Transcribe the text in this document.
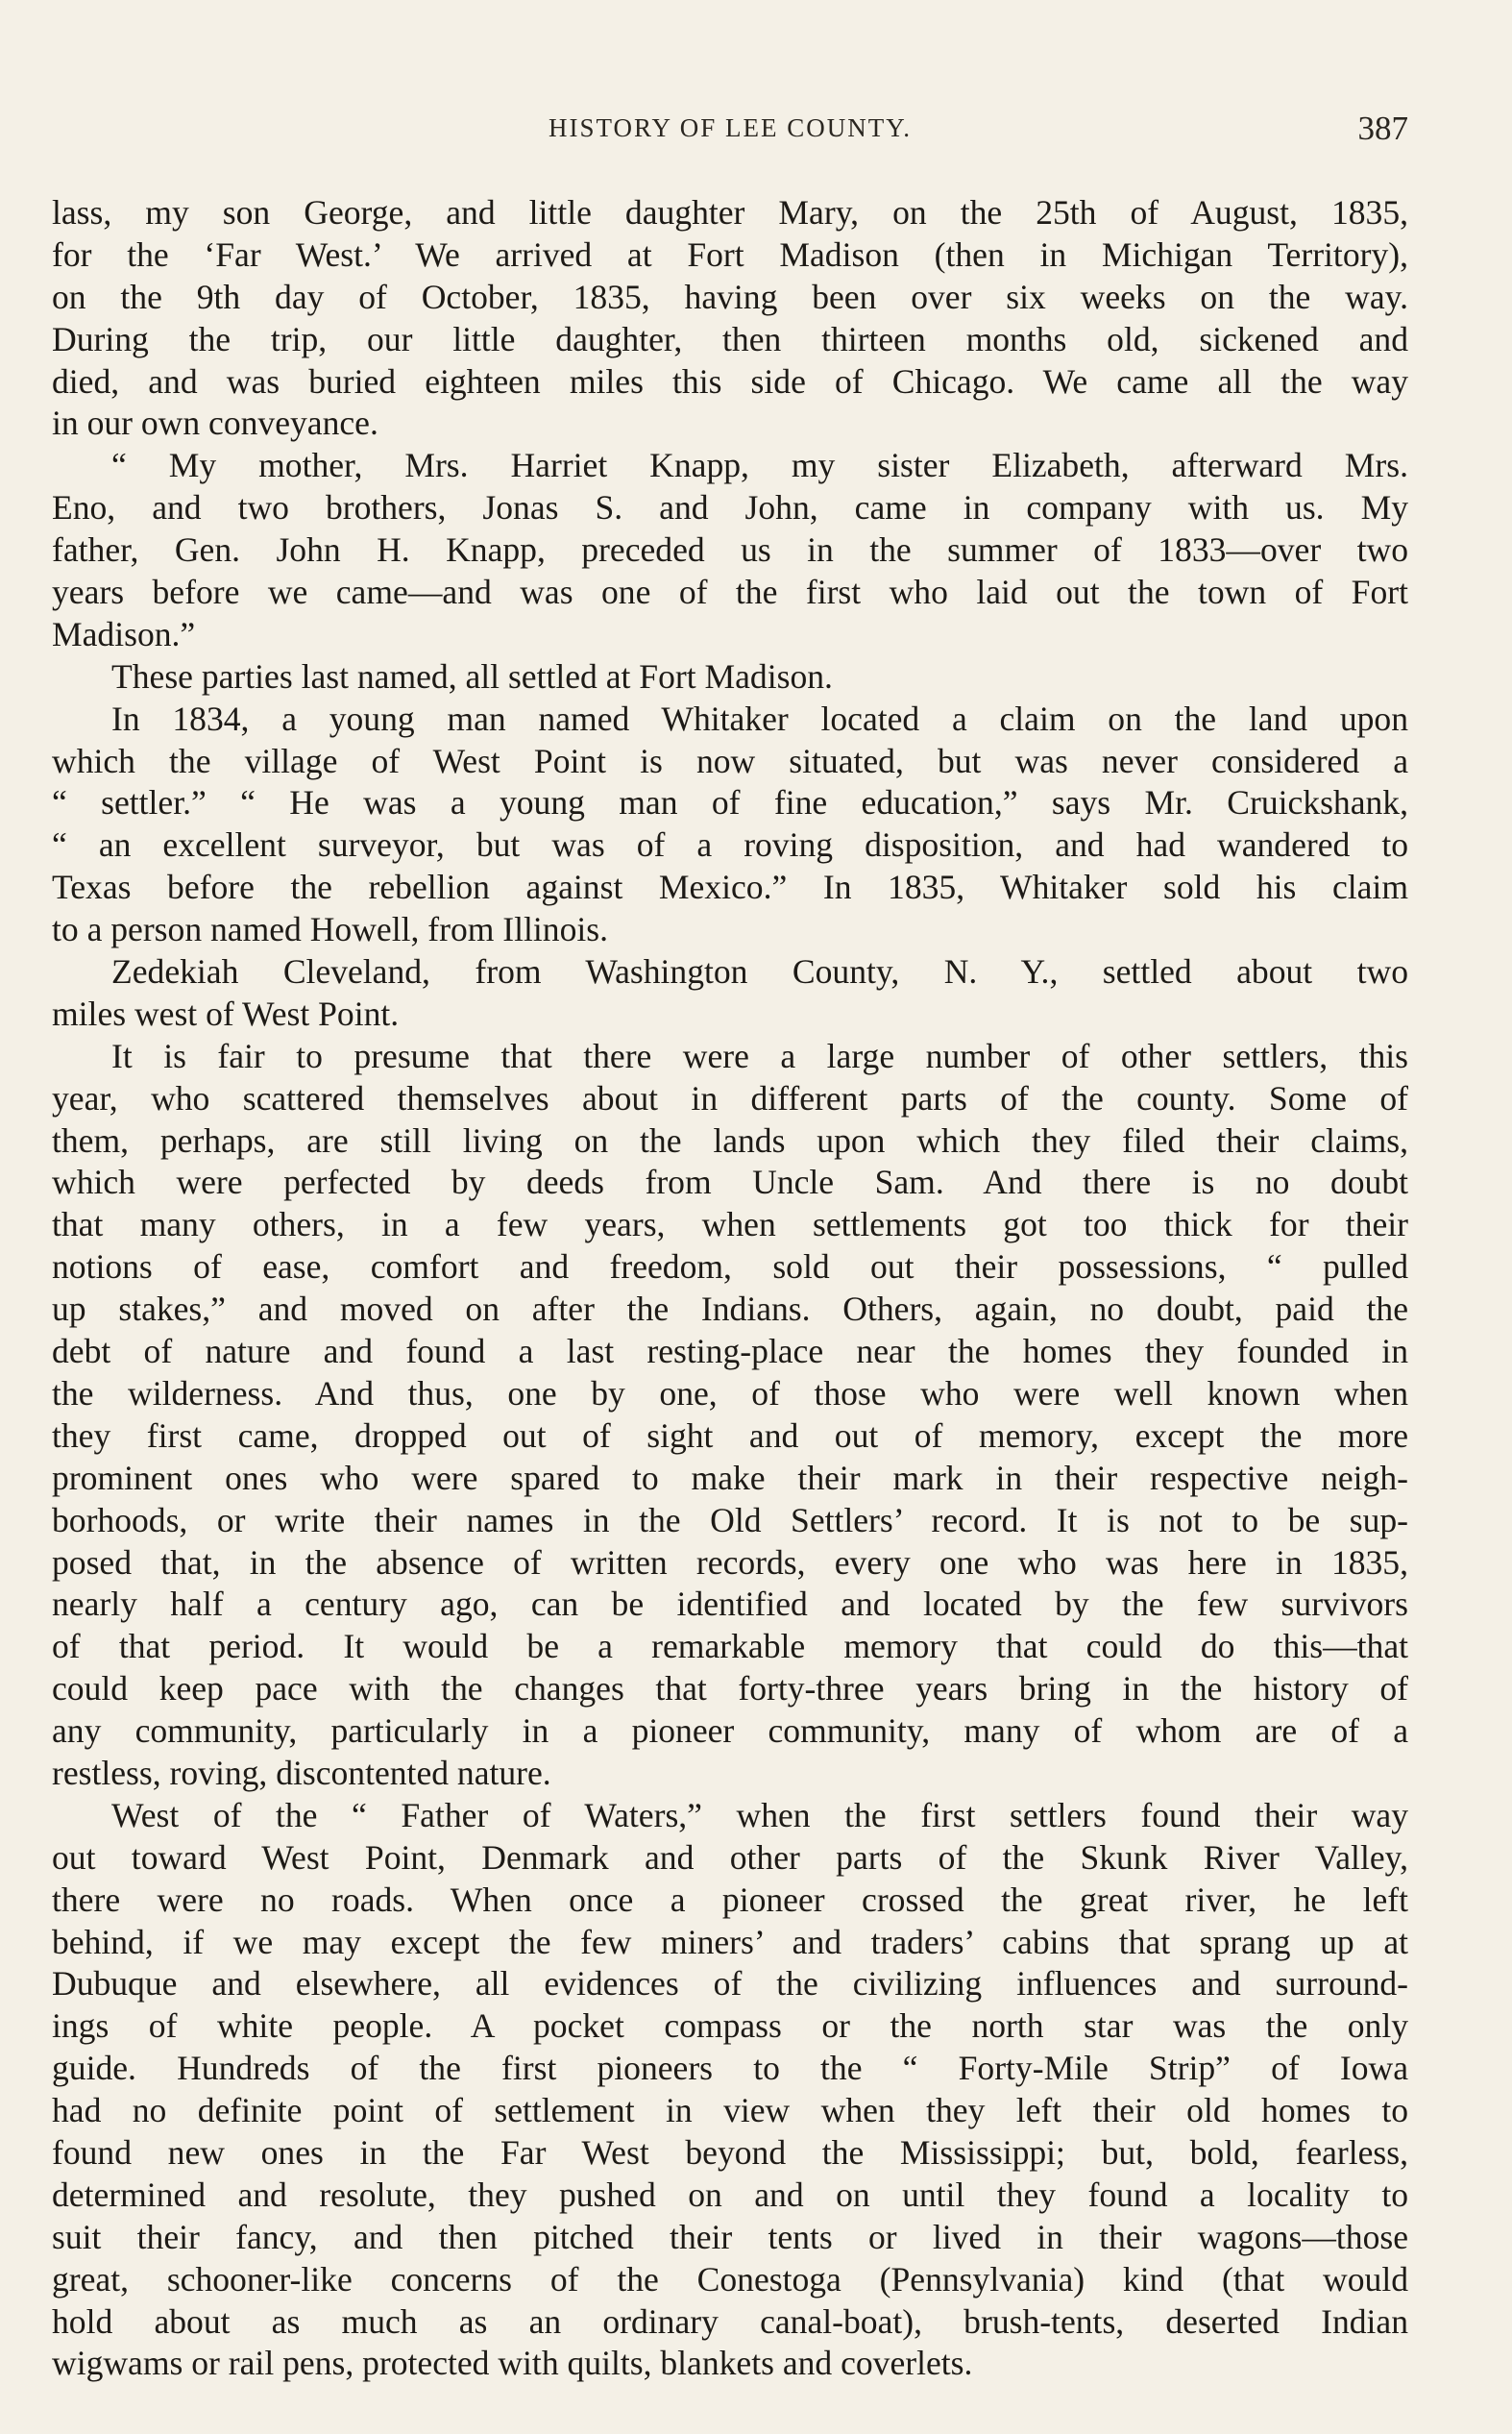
HISTORY OF LEE COUNTY.	387
lass, my son George, and little daughter Mary, on the 25th of August, 1835,
for the ‘Far West.’ We arrived at Fort Madison (then in Michigan Territory),
on the 9th day of October, 1835, having been over six weeks on the way.
During the trip, our little daughter, then thirteen months old, sickened and
died, and was buried eighteen miles this side of Chicago. We came all the way
in our own conveyance.
“ My mother, Mrs. Harriet Knapp, my sister Elizabeth, afterward Mrs.
Eno, and two brothers, Jonas S. and John, came in company with us. My
father, Gen. John H. Knapp, preceded us in the summer of 1833—over two
years before we came—and was one of the first who laid out the town of Fort
Madison.”
These parties last named, all settled at Fort Madison.
In 1834, a young man named Whitaker located a claim on the land upon
which the village of West Point is now situated, but was never considered a
“ settler.” “ He was a young man of fine education,” says Mr. Cruickshank,
“ an excellent surveyor, but was of a roving disposition, and had wandered to
Texas before the rebellion against Mexico.” In 1835, Whitaker sold his claim
to a person named Howell, from Illinois.
Zedekiah Cleveland, from Washington County, N. Y., settled about two
miles west of West Point.
It is fair to presume that there were a large number of other settlers, this
year, who scattered themselves about in different parts of the county. Some of
them, perhaps, are still living on the lands upon which they filed their claims,
which were perfected by deeds from Uncle Sam. And there is no doubt
that many others, in a few years, when settlements got too thick for their
notions of ease, comfort and freedom, sold out their possessions, “ pulled
up stakes,” and moved on after the Indians. Others, again, no doubt, paid the
debt of nature and found a last resting-place near the homes they founded in
the wilderness. And thus, one by one, of those who were well known when
they first came, dropped out of sight and out of memory, except the more
prominent ones who were spared to make their mark in their respective neigh-
borhoods, or write their names in the Old Settlers’ record. It is not to be sup-
posed that, in the absence of written records, every one who was here in 1835,
nearly half a century ago, can be identified and located by the few survivors
of that period. It would be a remarkable memory that could do this—that
could keep pace with the changes that forty-three years bring in the history of
any community, particularly in a pioneer community, many of whom are of a
restless, roving, discontented nature.
West of the “ Father of Waters,” when the first settlers found their way
out toward West Point, Denmark and other parts of the Skunk River Valley,
there were no roads. When once a pioneer crossed the great river, he left
behind, if we may except the few miners’ and traders’ cabins that sprang up at
Dubuque and elsewhere, all evidences of the civilizing influences and surround-
ings of white people. A pocket compass or the north star was the only
guide. Hundreds of the first pioneers to the “ Forty-Mile Strip” of Iowa
had no definite point of settlement in view when they left their old homes to
found new ones in the Far West beyond the Mississippi; but, bold, fearless,
determined and resolute, they pushed on and on until they found a locality to
suit their fancy, and then pitched their tents or lived in their wagons—those
great, schooner-like concerns of the Conestoga (Pennsylvania) kind (that would
hold about as much as an ordinary canal-boat), brush-tents, deserted Indian
wigwams or rail pens, protected with quilts, blankets and coverlets.
